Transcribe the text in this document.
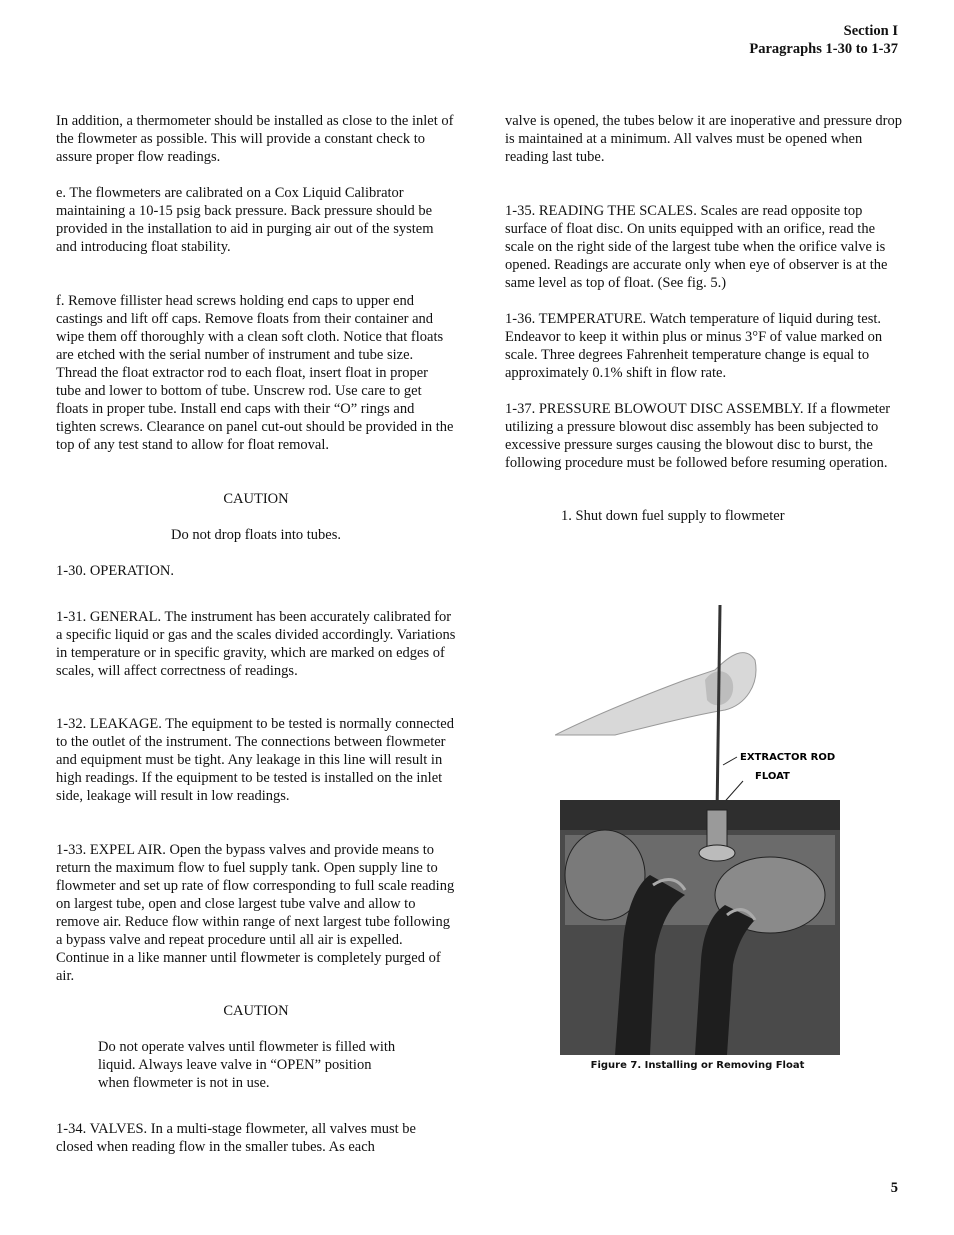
Section I
Paragraphs 1-30 to 1-37

In addition, a thermometer should be installed as close to the inlet of the flowmeter as possible. This will provide a constant check to assure proper flow readings.

e. The flowmeters are calibrated on a Cox Liquid Calibrator maintaining a 10-15 psig back pressure. Back pressure should be provided in the installation to aid in purging air out of the system and introducing float stability.

f. Remove fillister head screws holding end caps to upper end castings and lift off caps. Remove floats from their container and wipe them off thoroughly with a clean soft cloth. Notice that floats are etched with the serial number of instrument and tube size. Thread the float extractor rod to each float, insert float in proper tube and lower to bottom of tube. Unscrew rod. Use care to get floats in proper tube. Install end caps with their “O” rings and tighten screws. Clearance on panel cut-out should be provided in the top of any test stand to allow for float removal.

CAUTION

Do not drop floats into tubes.

1-30. OPERATION.

1-31. GENERAL. The instrument has been accurately calibrated for a specific liquid or gas and the scales divided accordingly. Variations in temperature or in specific gravity, which are marked on edges of scales, will affect correctness of readings.

1-32. LEAKAGE. The equipment to be tested is normally connected to the outlet of the instrument. The connections between flowmeter and equipment must be tight. Any leakage in this line will result in high readings. If the equipment to be tested is installed on the inlet side, leakage will result in low readings.

1-33. EXPEL AIR. Open the bypass valves and provide means to return the maximum flow to fuel supply tank. Open supply line to flowmeter and set up rate of flow corresponding to full scale reading on largest tube, open and close largest tube valve and allow to remove air. Reduce flow within range of next largest tube following a bypass valve and repeat procedure until all air is expelled. Continue in a like manner until flowmeter is completely purged of air.

CAUTION

Do not operate valves until flowmeter is filled with liquid. Always leave valve in “OPEN” position when flowmeter is not in use.

1-34. VALVES. In a multi-stage flowmeter, all valves must be closed when reading flow in the smaller tubes. As each

valve is opened, the tubes below it are inoperative and pressure drop is maintained at a minimum. All valves must be opened when reading last tube.

1-35. READING THE SCALES. Scales are read opposite top surface of float disc. On units equipped with an orifice, read the scale on the right side of the largest tube when the orifice valve is opened. Readings are accurate only when eye of observer is at the same level as top of float. (See fig. 5.)

1-36. TEMPERATURE. Watch temperature of liquid during test. Endeavor to keep it within plus or minus 3°F of value marked on scale. Three degrees Fahrenheit temperature change is equal to approximately 0.1% shift in flow rate.

1-37. PRESSURE BLOWOUT DISC ASSEMBLY. If a flowmeter utilizing a pressure blowout disc assembly has been subjected to excessive pressure surges causing the blowout disc to burst, the following procedure must be followed before resuming operation.

1. Shut down fuel supply to flowmeter

EXTRACTOR ROD
FLOAT
Figure 7. Installing or Removing Float
5
